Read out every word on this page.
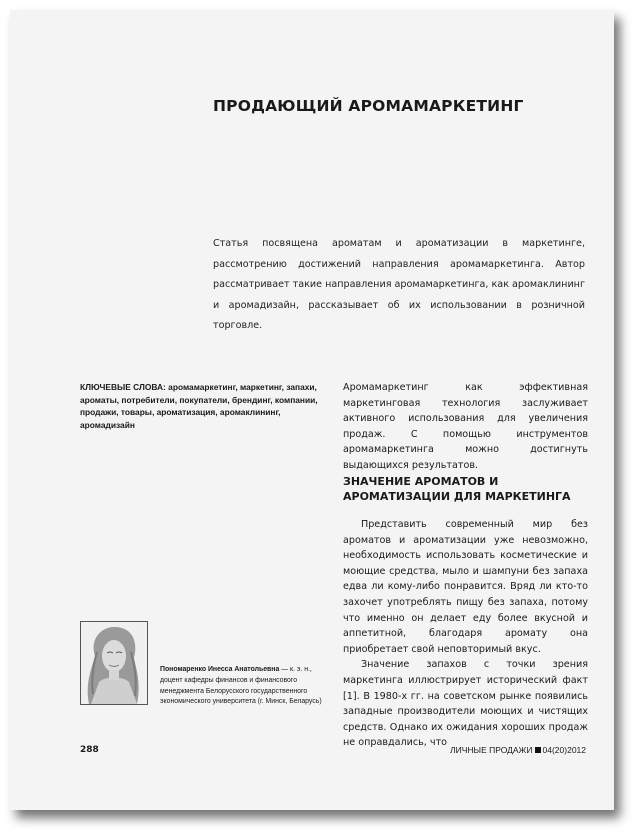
ПРОДАЮЩИЙ АРОМАМАРКЕТИНГ
Статья посвящена ароматам и ароматизации в маркетинге, рассмотрению достижений направления аромамаркетинга. Автор рассматривает такие направления аромамаркетинга, как аромаклининг и аромадизайн, рассказывает об их использовании в розничной торговле.
КЛЮЧЕВЫЕ СЛОВА: аромамаркетинг, маркетинг, запахи, ароматы, потребители, покупатели, брендинг, компании, продажи, товары, ароматизация, аромаклининг, аромадизайн
Аромамаркетинг как эффективная маркетинговая технология заслуживает активного использования для увеличения продаж. С помощью инструментов аромамаркетинга можно достигнуть выдающихся результатов.
ЗНАЧЕНИЕ АРОМАТОВ И АРОМАТИЗАЦИИ ДЛЯ МАРКЕТИНГА

Представить современный мир без ароматов и ароматизации уже невозможно, необходимость использовать косметические и моющие средства, мыло и шампуни без запаха едва ли кому-либо понравится. Вряд ли кто-то захочет употреблять пищу без запаха, потому что именно он делает еду более вкусной и аппетитной, благодаря аромату она приобретает свой неповторимый вкус.

Значение запахов с точки зрения маркетинга иллюстрирует исторический факт [1]. В 1980-х гг. на советском рынке появились западные производители моющих и чистящих средств. Однако их ожидания хороших продаж не оправдались, что

Пономаренко Инесса Анатольевна — к. э. н., доцент кафедры финансов и финансового менеджмента Белорусского государственного экономического университета (г. Минск, Беларусь)
288	ЛИЧНЫЕ ПРОДАЖИ 04(20)2012
